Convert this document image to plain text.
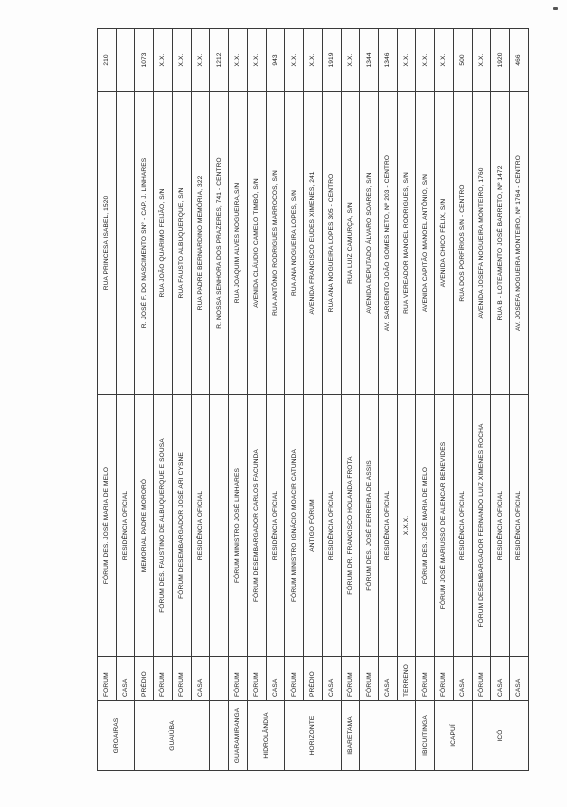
GROAIRAS	FORUM	FÓRUM DES. JOSÉ MARIA DE MELO	RUA PRINCESA ISABEL, 1520	210
	CASA	RESIDÊNCIA OFICIAL		
GUAIÚBA	PRÉDIO	MEMORIAL PADRE MORORÓ	R. JOSÉ F. DO NASCIMENTO SN° - CAP. J. LINHARES	1073
	FÓRUM	FÓRUM DES. FAUSTINO DE ALBUQUERQUE E SOUSA	RUA JOÃO QUARIMO FEIJÃO, S/N	X.X.
	FORUM	FÓRUM DESEMBARGADOR JOSÉ ARI CYSNE	RUA FAUSTO ALBUQUERQUE, S/N	X.X.
	CASA	RESIDÊNCIA OFICIAL	RUA PADRE BERNARDINO MEMÓRIA, 322	X.X.
			R. NOSSA SENHORA DOS PRAZERES, 741 - CENTRO	1212
GUARAMIRANGA	FÓRUM	FÓRUM MINISTRO JOSÉ LINHARES	RUA JOAQUIM ALVES NOGUEIRA,S/N	X.X.
HIDROLÂNDIA	FORUM	FÓRUM DESEMBARGADOR CARLOS FACUNDA	AVENIDA CLÁUDIO CAMELO TIMBÓ, S/N	X.X.
	CASA	RESIDÊNCIA OFICIAL	RUA ANTÔNIO RODRIGUES MARROCOS, S/N	943
HORIZONTE	FÓRUM	FÓRUM MINISTRO IGNÁCIO MOACIR CATUNDA	RUA ANA NOGUEIRA LOPES, S/N	X.X.
	PRÉDIO	ANTIGO FÓRUM	AVENIDA FRANCISCO EUDES XIMENES, 241	X.X.
	CASA	RESIDÊNCIA OFICIAL	RUA ANA NOGUEIRA LOPES 305 - CENTRO	1919
IBARETAMA	FÓRUM	FÓRUM DR. FRANCISCO HOLANDA FROTA	RUA LUIZ CAMURÇA, S/N	X.X.
	FÓRUM	FÓRUM DES. JOSÉ FERREIRA DE ASSIS	AVENIDA DEPUTADO ÁLVARO SOARES, S/N	1344
	CASA	RESIDÊNCIA OFICIAL	AV. SARGENTO JOÃO GOMES NETO, Nº 203 - CENTRO	1346
	TERRENO	X.X.X.	RUA VEREADOR MANOEL RODRIGUES, S/N	X.X.
IBICUITINGA	FÓRUM	FÓRUM DES. JOSÉ MARIA DE MELO	AVENIDA CAPITÃO MANOEL ANTÔNIO, S/N	X.X.
ICAPUÍ	FÓRUM	FÓRUM JOSÉ MARIUSSO DE ALENCAR BENEVIDES	AVENIDA CHICO FÉLIX, S/N	X.X.
	CASA	RESIDÊNCIA OFICIAL	RUA DOS PORFÍRIOS S/N - CENTRO	500
ICÓ	FÓRUM	FÓRUM DESEMBARGADOR FERNANDO LUIZ XIMENES ROCHA	AVENIDA JOSEFA NOGUEIRA MONTEIRO, 1760	X.X.
	CASA	RESIDÊNCIA OFICIAL	RUA B - LOTEAMENTO JOSÉ BARRETO, Nº 1472	1920
	CASA	RESIDÊNCIA OFICIAL	AV. JOSEFA NOGUEIRA MONTEIRO, Nº 1764 - CENTRO	466
